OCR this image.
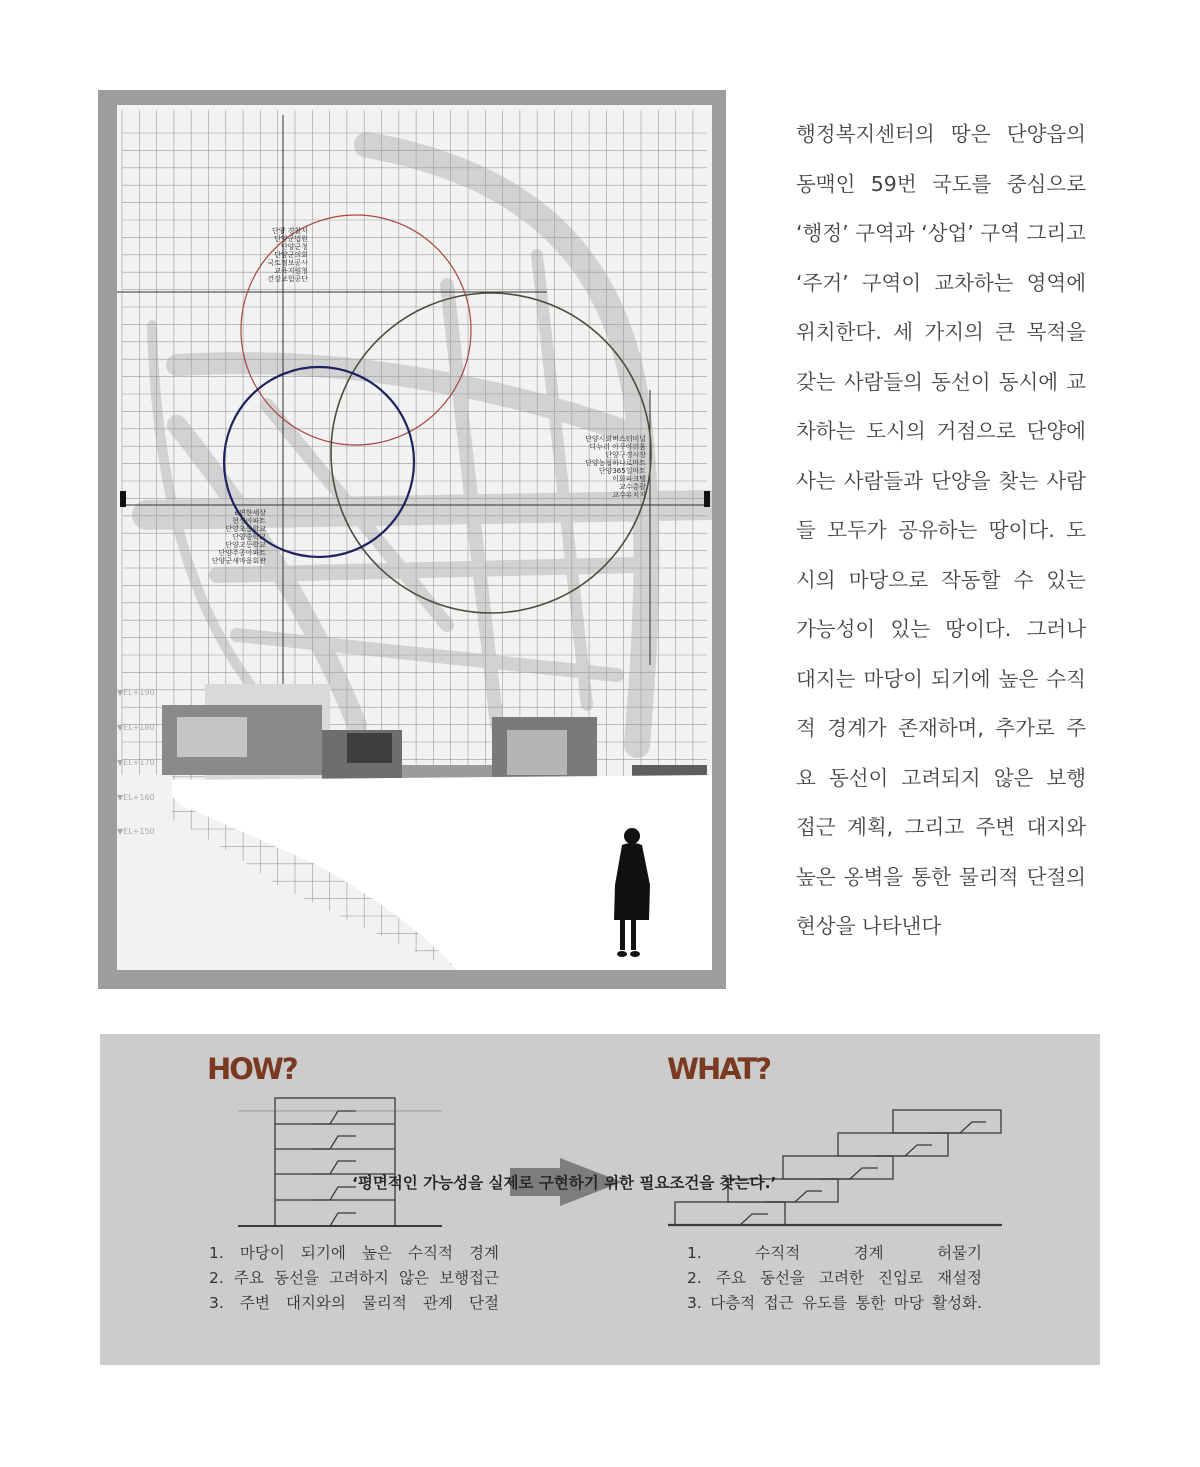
단양 경찰서
단양군법원
단양군청
단양군의회
국토정보공사
교육지원청
건강보험공단
단양시외버스터미널
다누리 아쿠아리움
단양구경시장
단양농협하나로마트
단양365일마트
이화파크텔
교수총괄
교수유치지
e편한세상
현성아파트
단양초등학교
단양중학교
단양고등학교
단양주공아파트
단양군새마을회관
▼EL+190
▼EL+180
▼EL+170
▼EL+160
▼EL+150
행정복지센터의 땅은 단양읍의 동맥인 59번 국도를 중심으로 ‘행정’ 구역과 ‘상업’ 구역 그리고 ‘주거’ 구역이 교차하는 영역에 위치한다. 세 가지의 큰 목적을 갖는 사람들의 동선이 동시에 교차하는 도시의 거점으로 단양에 사는 사람들과 단양을 찾는 사람들 모두가 공유하는 땅이다. 도시의 마당으로 작동할 수 있는 가능성이 있는 땅이다. 그러나 대지는 마당이 되기에 높은 수직적 경계가 존재하며, 추가로 주요 동선이 고려되지 않은 보행 접근 계획, 그리고 주변 대지와 높은 옹벽을 통한 물리적 단절의 현상을 나타낸다
HOW?	WHAT?
‘평면적인 가능성을 실제로 구현하기 위한 필요조건을 찾는다.’
1. 마당이 되기에 높은 수직적 경계
2. 주요 동선을 고려하지 않은 보행접근
3. 주변 대지와의 물리적 관계 단절
1. 수직적 경계 허물기
2. 주요 동선을 고려한 진입로 재설정
3. 다층적 접근 유도를 통한 마당 활성화.
